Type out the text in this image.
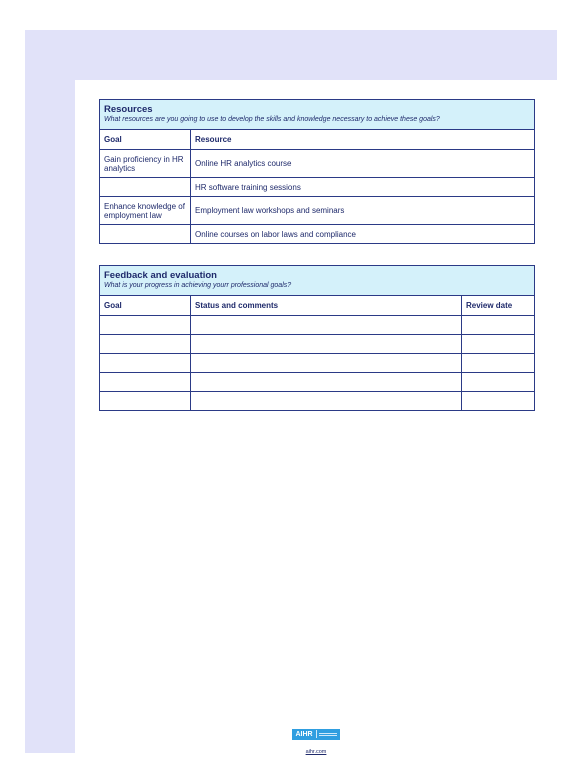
Resources
What resources are you going to use to develop the skills and knowledge necessary to achieve these goals?	

Goal	Resource
Gain proficiency in HR analytics	Online HR analytics course
	HR software training sessions
Enhance knowledge of employment law	Employment law workshops and seminars
	Online courses on labor laws and compliance
Feedback and evaluation
What is your progress in achieving yourr professional goals?		

Goal	Status and comments	Review date

AIHR
aihr.com
